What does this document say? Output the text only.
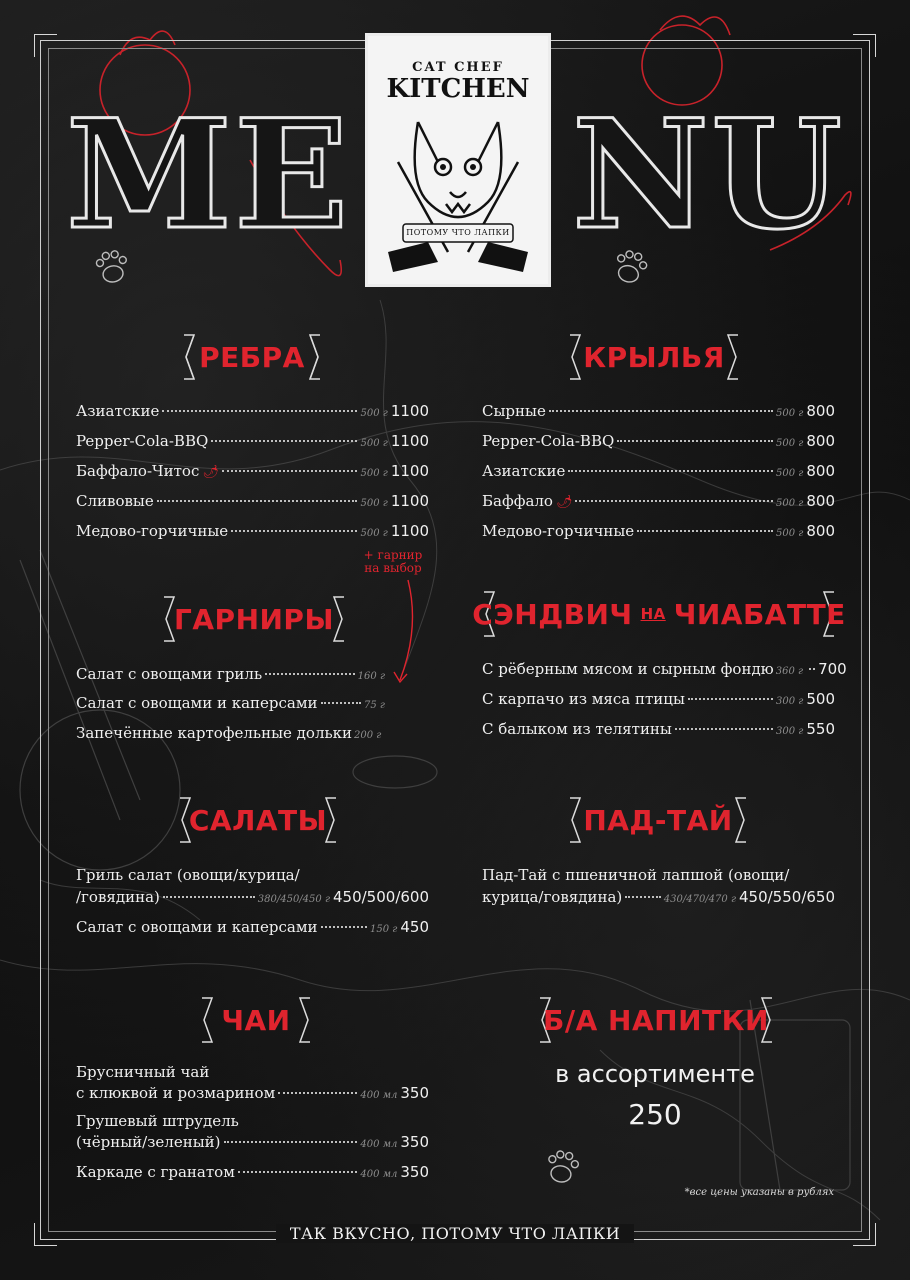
ME NU
CAT CHEF
KITCHEN
ПОТОМУ ЧТО ЛАПКИ
РЕБРА
Азиатские	500 г 1100
Pepper-Cola-BBQ	500 г 1100
Баффало-Читос 🌶	500 г 1100
Сливовые	500 г 1100
Медово-горчичные	500 г 1100
+ гарнир на выбор
КРЫЛЬЯ
Сырные	500 г 800
Pepper-Cola-BBQ	500 г 800
Азиатские	500 г 800
Баффало 🌶	500 г 800
Медово-горчичные	500 г 800
ГАРНИРЫ
Салат с овощами гриль	160 г
Салат с овощами и каперсами	75 г
Запечённые картофельные дольки 200 г
СЭНДВИЧ НА ЧИАБАТТЕ
С рёберным мясом и сырным фондю 360 г 700
С карпачо из мяса птицы	300 г 500
С балыком из телятины	300 г 550
САЛАТЫ
Гриль салат (овощи/курица/
/говядина)	380/450/450 г 450/500/600
Салат с овощами и каперсами	150 г 450
ПАД-ТАЙ
Пад-Тай с пшеничной лапшой (овощи/
курица/говядина)	430/470/470 г 450/550/650
ЧАИ
Брусничный чай
с клюквой и розмарином	400 мл 350
Грушевый штрудель
(чёрный/зеленый)	400 мл 350
Каркаде с гранатом	400 мл 350
Б/А НАПИТКИ
в ассортименте
250
*все цены указаны в рублях
ТАК ВКУСНО, ПОТОМУ ЧТО ЛАПКИ
